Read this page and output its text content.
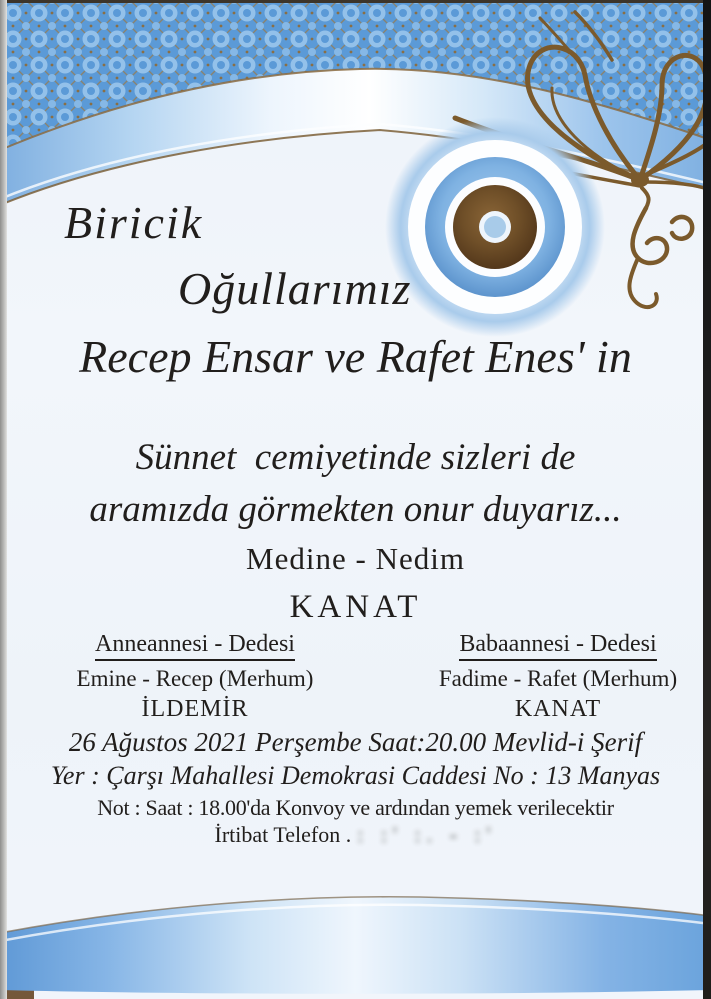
Biricik
Oğullarımız
Recep Ensar ve Rafet Enes' in
Sünnet  cemiyetinde sizleri de
aramızda görmekten onur duyarız...
Medine - Nedim
KANAT
Anneannesi - Dedesi
Emine - Recep (Merhum)
İLDEMİR
Babaannesi - Dedesi
Fadime - Rafet (Merhum)
KANAT
26 Ağustos 2021 Perşembe Saat:20.00 Mevlid-i Şerif
Yer : Çarşı Mahallesi Demokrasi Caddesi No : 13 Manyas
Not : Saat : 18.00'da Konvoy ve ardından yemek verilecektir
İrtibat Telefon . : :' :. - :'
